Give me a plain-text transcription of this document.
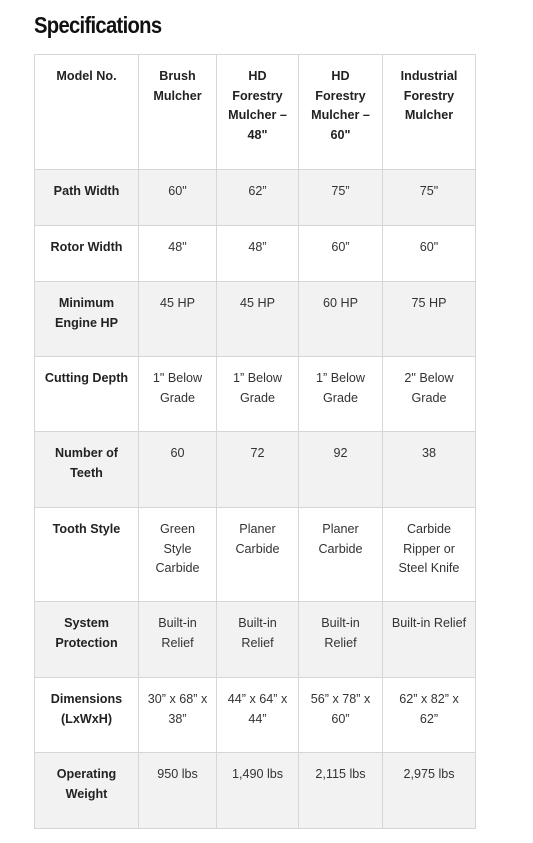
Specifications
Model No.	Brush Mulcher	HD Forestry Mulcher – 48"	HD Forestry Mulcher – 60"	Industrial Forestry Mulcher
Path Width	60"	62”	75”	75"
Rotor Width	48"	48”	60”	60"
Minimum Engine HP	45 HP	45 HP	60 HP	75 HP
Cutting Depth	1" Below Grade	1” Below Grade	1” Below Grade	2" Below Grade
Number of Teeth	60	72	92	38
Tooth Style	Green Style Carbide	Planer Carbide	Planer Carbide	Carbide Ripper or Steel Knife
System Protection	Built-in Relief	Built-in Relief	Built-in Relief	Built-in Relief
Dimensions (LxWxH)	30” x 68” x 38”	44” x 64” x 44”	56” x 78” x 60”	62” x 82” x 62”
Operating Weight	950 lbs	1,490 lbs	2,115 lbs	2,975 lbs
